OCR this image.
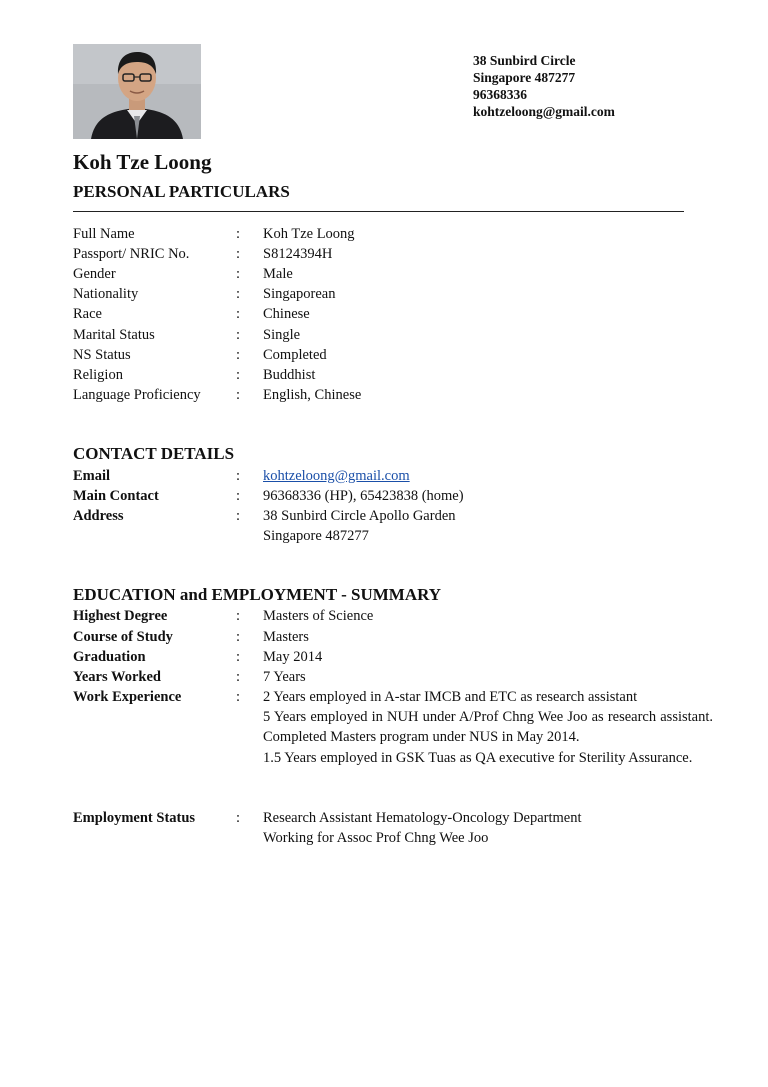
38 Sunbird Circle
Singapore 487277
96368336
kohtzeloong@gmail.com
Koh Tze Loong
PERSONAL PARTICULARS
Full Name	: Koh Tze Loong
Passport/ NRIC No.	: S8124394H
Gender	: Male
Nationality	: Singaporean
Race	: Chinese
Marital Status	: Single
NS Status	: Completed
Religion	: Buddhist
Language Proficiency : English, Chinese
CONTACT DETAILS
Email	: kohtzeloong@gmail.com
Main Contact	: 96368336 (HP), 65423838 (home)
Address	: 38 Sunbird Circle Apollo Garden
Singapore 487277
EDUCATION and EMPLOYMENT - SUMMARY
Highest Degree	: Masters of Science
Course of Study	: Masters
Graduation	: May 2014
Years Worked	: 7 Years
Work Experience	: 2 Years employed in A-star IMCB and ETC as research assistant
5 Years employed in NUH under A/Prof Chng Wee Joo as research assistant. Completed Masters program under NUS in May 2014.
1.5 Years employed in GSK Tuas as QA executive for Sterility Assurance.
Employment Status	: Research Assistant Hematology-Oncology Department
Working for Assoc Prof Chng Wee Joo
